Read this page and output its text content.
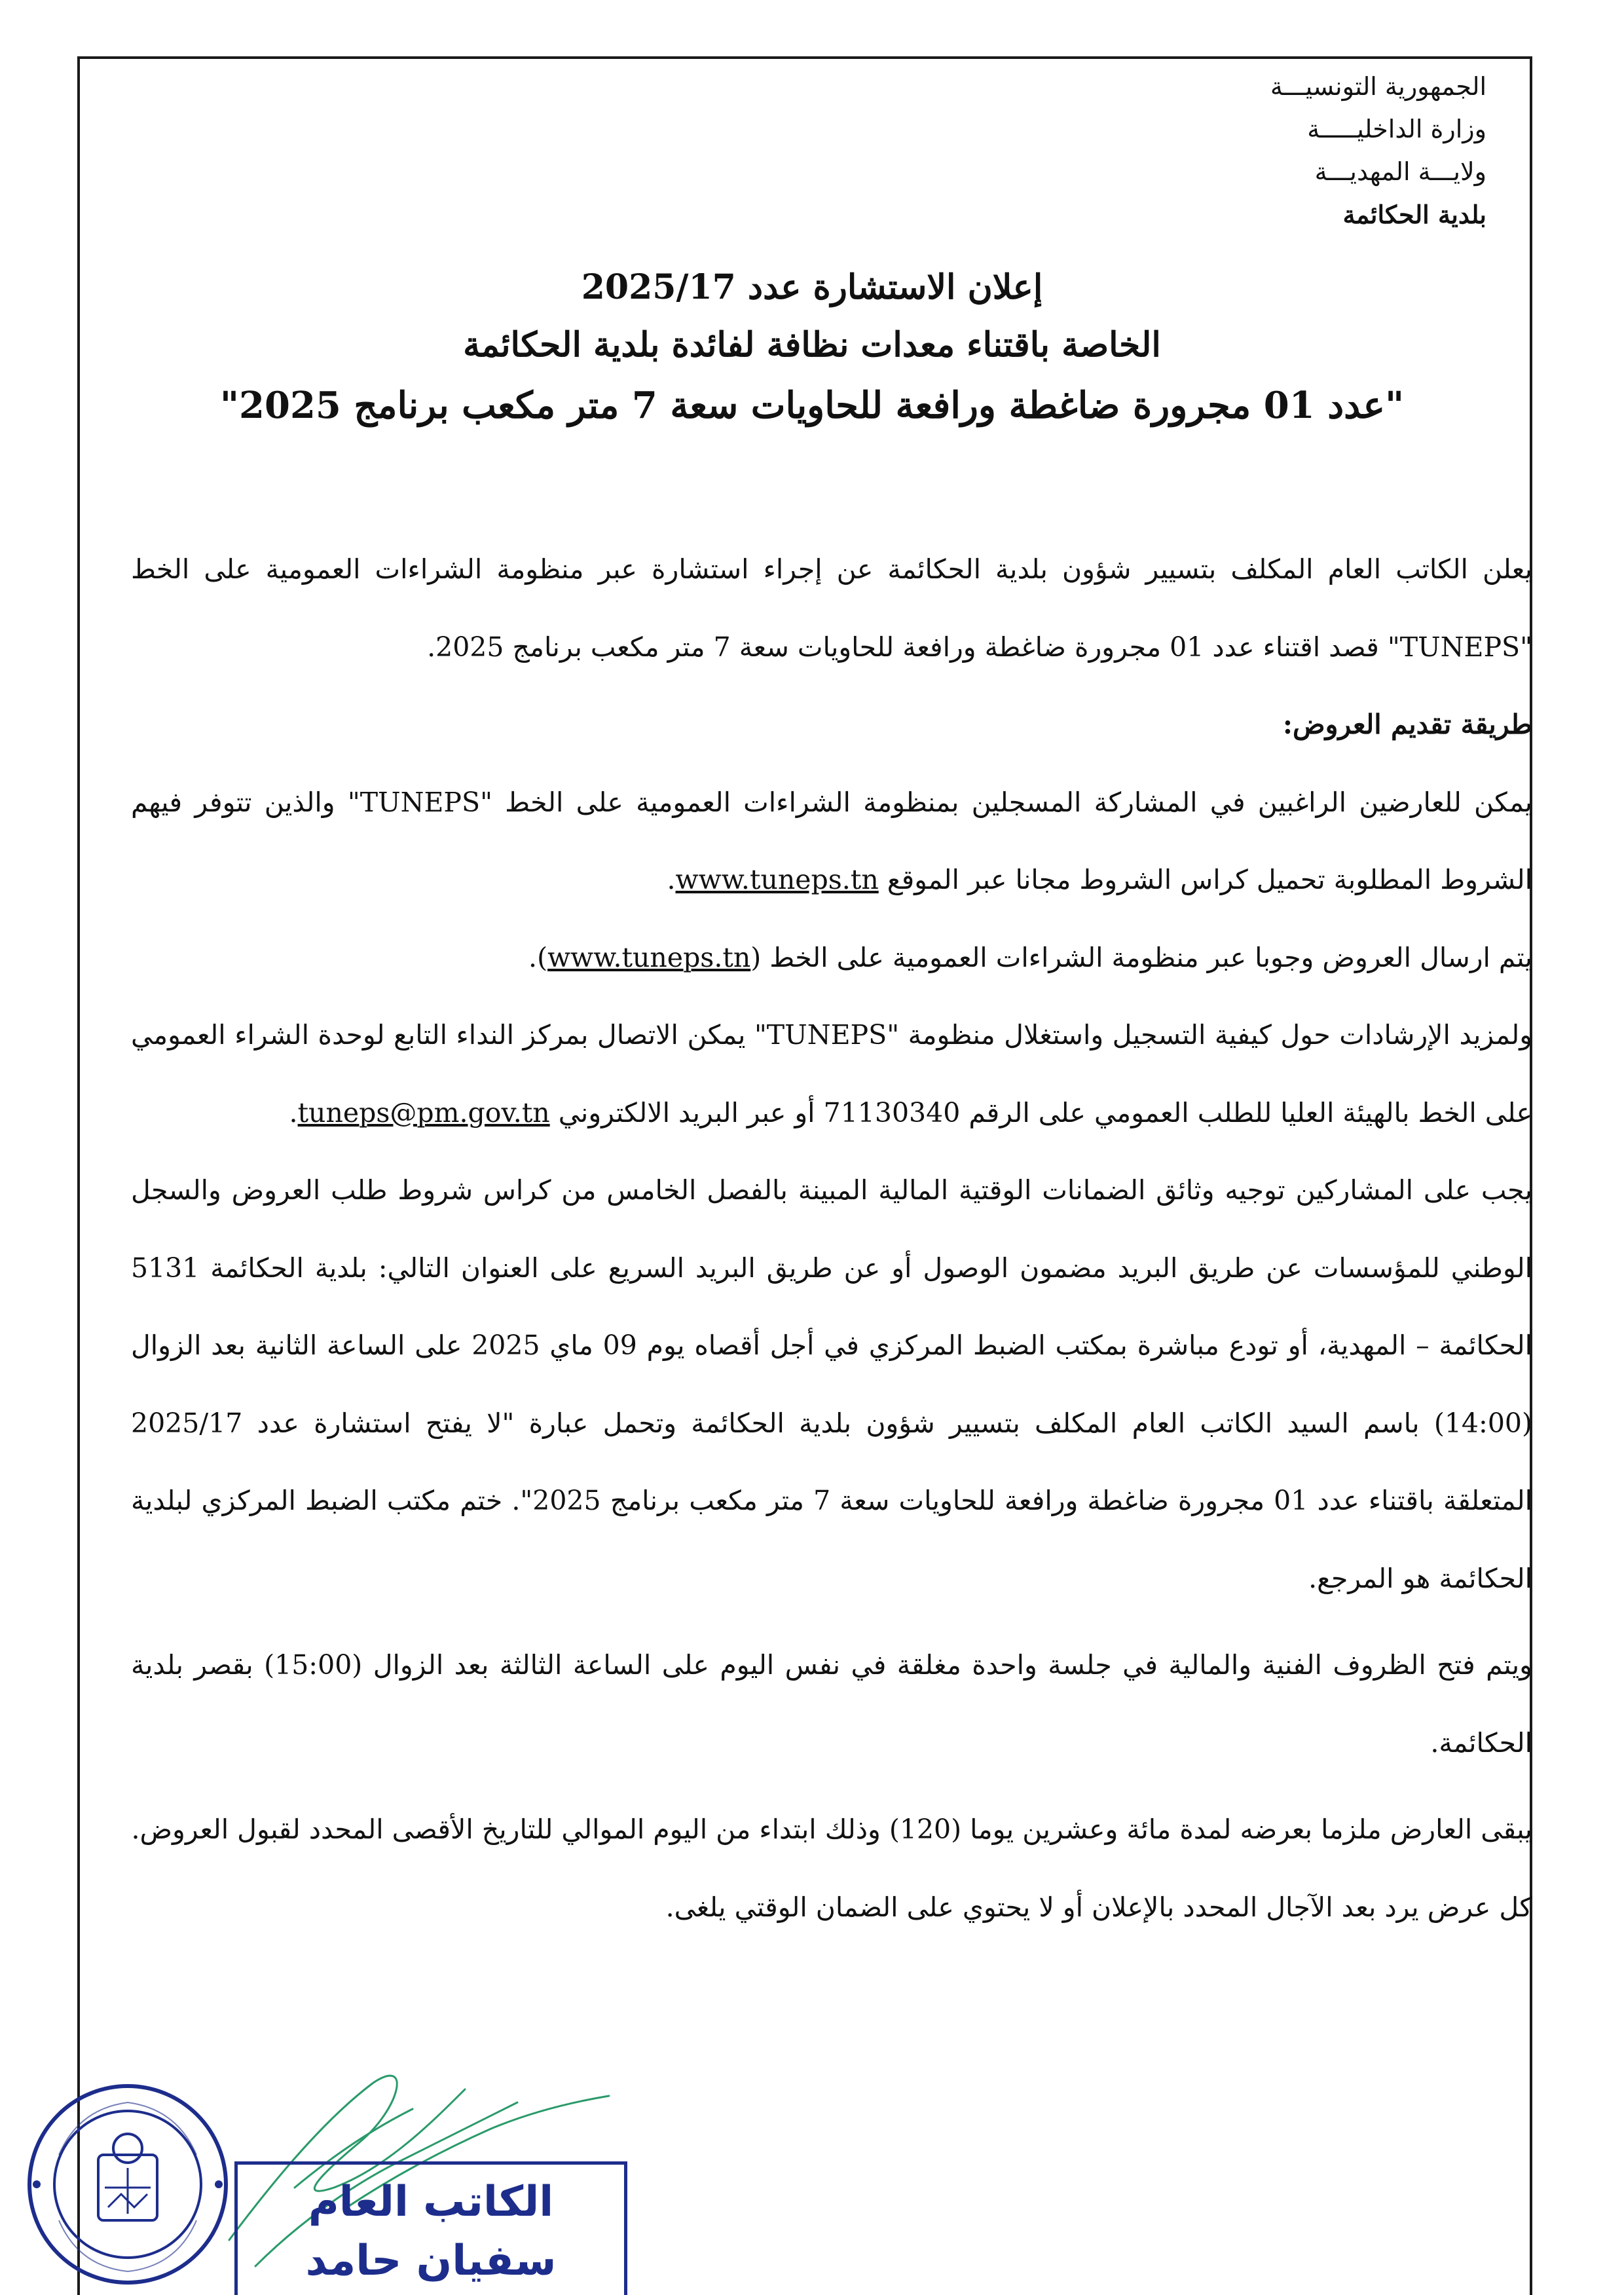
الجمهورية التونسيـــة
وزارة الداخليـــــة
ولايـــة المهديـــة
بلدية الحكائمة
إعلان الاستشارة عدد 2025/17
الخاصة باقتناء معدات نظافة لفائدة بلدية الحكائمة
"عدد 01 مجرورة ضاغطة ورافعة للحاويات سعة 7 متر مكعب برنامج 2025"

يعلن الكاتب العام المكلف بتسيير شؤون بلدية الحكائمة عن إجراء استشارة عبر منظومة الشراءات العمومية على الخط "TUNEPS" قصد اقتناء عدد 01 مجرورة ضاغطة ورافعة للحاويات سعة 7 متر مكعب برنامج 2025.

طريقة تقديم العروض:

يمكن للعارضين الراغبين في المشاركة المسجلين بمنظومة الشراءات العمومية على الخط "TUNEPS" والذين تتوفر فيهم الشروط المطلوبة تحميل كراس الشروط مجانا عبر الموقع www.tuneps.tn.

يتم ارسال العروض وجوبا عبر منظومة الشراءات العمومية على الخط (www.tuneps.tn).

ولمزيد الإرشادات حول كيفية التسجيل واستغلال منظومة "TUNEPS" يمكن الاتصال بمركز النداء التابع لوحدة الشراء العمومي على الخط بالهيئة العليا للطلب العمومي على الرقم 71130340 أو عبر البريد الالكتروني tuneps@pm.gov.tn.

يجب على المشاركين توجيه وثائق الضمانات الوقتية المالية المبينة بالفصل الخامس من كراس شروط طلب العروض والسجل الوطني للمؤسسات عن طريق البريد مضمون الوصول أو عن طريق البريد السريع على العنوان التالي: بلدية الحكائمة 5131 الحكائمة – المهدية، أو تودع مباشرة بمكتب الضبط المركزي في أجل أقصاه يوم 09 ماي 2025 على الساعة الثانية بعد الزوال (14:00) باسم السيد الكاتب العام المكلف بتسيير شؤون بلدية الحكائمة وتحمل عبارة "لا يفتح استشارة عدد 2025/17 المتعلقة باقتناء عدد 01 مجرورة ضاغطة ورافعة للحاويات سعة 7 متر مكعب برنامج 2025". ختم مكتب الضبط المركزي لبلدية الحكائمة هو المرجع.

ويتم فتح الظروف الفنية والمالية في جلسة واحدة مغلقة في نفس اليوم على الساعة الثالثة بعد الزوال (15:00) بقصر بلدية الحكائمة.

يبقى العارض ملزما بعرضه لمدة مائة وعشرين يوما (120) وذلك ابتداء من اليوم الموالي للتاريخ الأقصى المحدد لقبول العروض.

كل عرض يرد بعد الآجال المحدد بالإعلان أو لا يحتوي على الضمان الوقتي يلغى.

الكاتب العام
سفيان حامد
